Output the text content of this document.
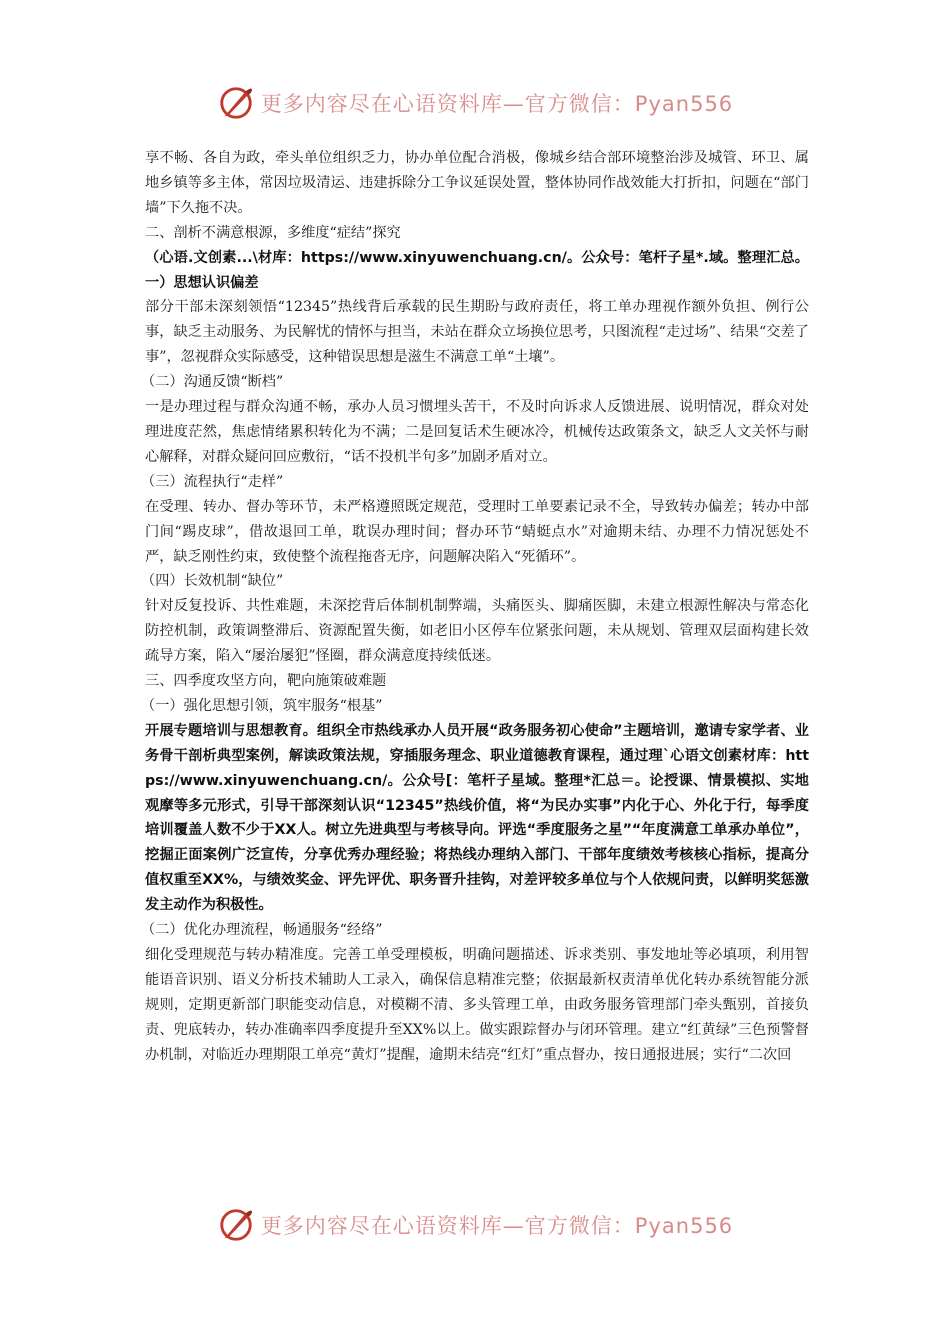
更多内容尽在心语资料库—官方微信：Pyan556

享不畅、各自为政，牵头单位组织乏力，协办单位配合消极，像城乡结合部环境整治涉及城管、环卫、属地乡镇等多主体，常因垃圾清运、违建拆除分工争议延误处置，整体协同作战效能大打折扣，问题在“部门墙”下久拖不决。

二、剖析不满意根源，多维度“症结”探究

（心语.文创素...\材库：https://www.xinyuwenchuang.cn/。公众号：笔杆子星*.域。整理汇总。一）思想认识偏差

部分干部未深刻领悟“12345”热线背后承载的民生期盼与政府责任，将工单办理视作额外负担、例行公事，缺乏主动服务、为民解忧的情怀与担当，未站在群众立场换位思考，只图流程“走过场”、结果“交差了事”，忽视群众实际感受，这种错误思想是滋生不满意工单“土壤”。

（二）沟通反馈“断档”

一是办理过程与群众沟通不畅，承办人员习惯埋头苦干，不及时向诉求人反馈进展、说明情况，群众对处理进度茫然，焦虑情绪累积转化为不满；二是回复话术生硬冰冷，机械传达政策条文，缺乏人文关怀与耐心解释，对群众疑问回应敷衍，“话不投机半句多”加剧矛盾对立。

（三）流程执行“走样”

在受理、转办、督办等环节，未严格遵照既定规范，受理时工单要素记录不全，导致转办偏差；转办中部门间“踢皮球”，借故退回工单，耽误办理时间；督办环节“蜻蜓点水”对逾期未结、办理不力情况惩处不严，缺乏刚性约束，致使整个流程拖沓无序，问题解决陷入“死循环”。

（四）长效机制“缺位”

针对反复投诉、共性难题，未深挖背后体制机制弊端，头痛医头、脚痛医脚，未建立根源性解决与常态化防控机制，政策调整滞后、资源配置失衡，如老旧小区停车位紧张问题，未从规划、管理双层面构建长效疏导方案，陷入“屡治屡犯”怪圈，群众满意度持续低迷。

三、四季度攻坚方向，靶向施策破难题

（一）强化思想引领，筑牢服务“根基”

开展专题培训与思想教育。组织全市热线承办人员开展“政务服务初心使命”主题培训，邀请专家学者、业务骨干剖析典型案例，解读政策法规，穿插服务理念、职业道德教育课程，通过理`心语文创素材库：https://www.xinyuwenchuang.cn/。公众号[：笔杆子星域。整理*汇总＝。论授课、情景模拟、实地观摩等多元形式，引导干部深刻认识“12345”热线价值，将“为民办实事”内化于心、外化于行，每季度培训覆盖人数不少于XX人。树立先进典型与考核导向。评选“季度服务之星”“年度满意工单承办单位”，挖掘正面案例广泛宣传，分享优秀办理经验；将热线办理纳入部门、干部年度绩效考核核心指标，提高分值权重至XX%，与绩效奖金、评先评优、职务晋升挂钩，对差评较多单位与个人依规问责，以鲜明奖惩激发主动作为积极性。

（二）优化办理流程，畅通服务“经络”

细化受理规范与转办精准度。完善工单受理模板，明确问题描述、诉求类别、事发地址等必填项，利用智能语音识别、语义分析技术辅助人工录入，确保信息精准完整；依据最新权责清单优化转办系统智能分派规则，定期更新部门职能变动信息，对模糊不清、多头管理工单，由政务服务管理部门牵头甄别，首接负责、兜底转办，转办准确率四季度提升至XX%以上。做实跟踪督办与闭环管理。建立“红黄绿”三色预警督办机制，对临近办理期限工单亮“黄灯”提醒，逾期未结亮“红灯”重点督办，按日通报进展；实行“二次回

更多内容尽在心语资料库—官方微信：Pyan556
